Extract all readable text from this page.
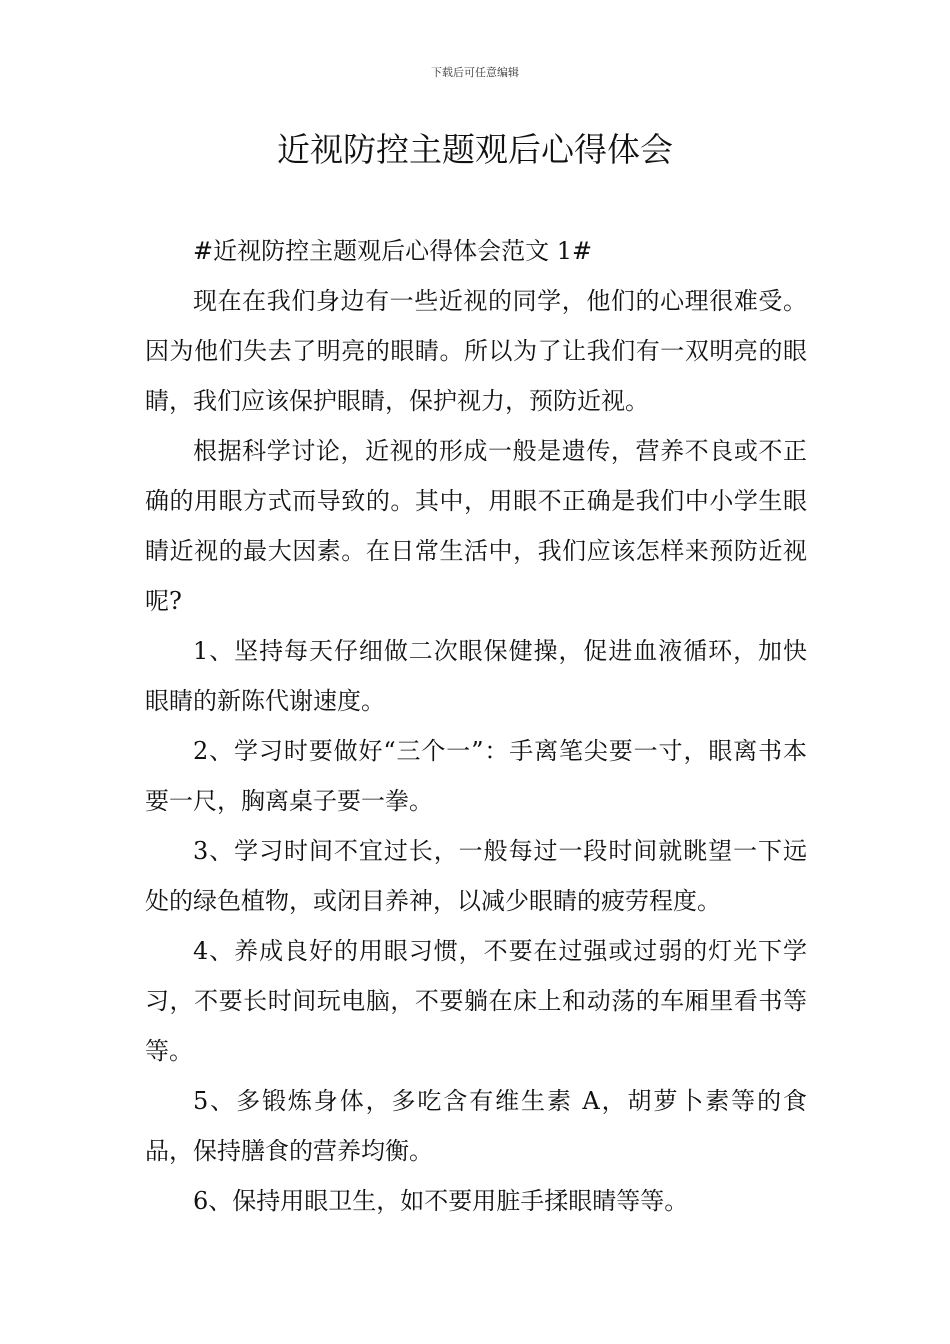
下载后可任意编辑
近视防控主题观后心得体会

#近视防控主题观后心得体会范文 1#

现在在我们身边有一些近视的同学，他们的心理很难受。因为他们失去了明亮的眼睛。所以为了让我们有一双明亮的眼睛，我们应该保护眼睛，保护视力，预防近视。

根据科学讨论，近视的形成一般是遗传，营养不良或不正确的用眼方式而导致的。其中，用眼不正确是我们中小学生眼睛近视的最大因素。在日常生活中，我们应该怎样来预防近视呢?

1、坚持每天仔细做二次眼保健操，促进血液循环，加快眼睛的新陈代谢速度。

2、学习时要做好“三个一”：手离笔尖要一寸，眼离书本要一尺，胸离桌子要一拳。

3、学习时间不宜过长，一般每过一段时间就眺望一下远处的绿色植物，或闭目养神，以减少眼睛的疲劳程度。

4、养成良好的用眼习惯，不要在过强或过弱的灯光下学习，不要长时间玩电脑，不要躺在床上和动荡的车厢里看书等等。

5、多锻炼身体，多吃含有维生素 A，胡萝卜素等的食品，保持膳食的营养均衡。

6、保持用眼卫生，如不要用脏手揉眼睛等等。
